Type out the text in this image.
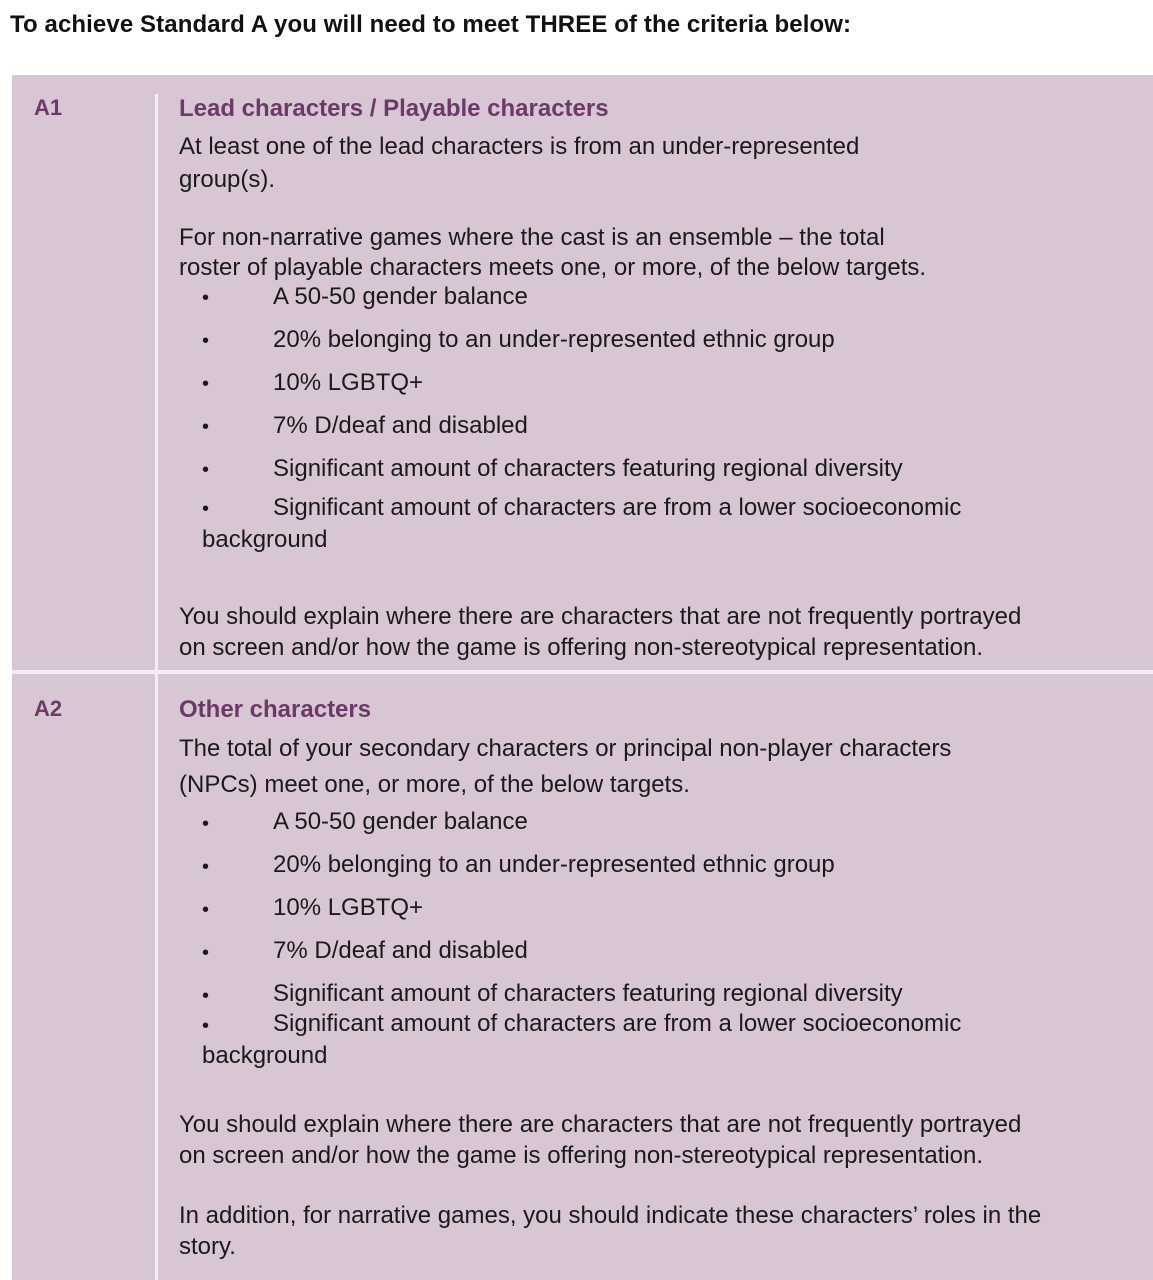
To achieve Standard A you will need to meet THREE of the criteria below:
A1	Lead characters / Playable characters
At least one of the lead characters is from an under-represented
group(s).
For non-narrative games where the cast is an ensemble – the total
roster of playable characters meets one, or more, of the below targets.
•	A 50-50 gender balance
•	20% belonging to an under-represented ethnic group
•	10% LGBTQ+
•	7% D/deaf and disabled
•	Significant amount of characters featuring regional diversity
•	Significant amount of characters are from a lower socioeconomic
background
You should explain where there are characters that are not frequently portrayed
on screen and/or how the game is offering non-stereotypical representation.
A2	Other characters
The total of your secondary characters or principal non-player characters
(NPCs) meet one, or more, of the below targets.
•	A 50-50 gender balance
•	20% belonging to an under-represented ethnic group
•	10% LGBTQ+
•	7% D/deaf and disabled
•	Significant amount of characters featuring regional diversity
•	Significant amount of characters are from a lower socioeconomic
background
You should explain where there are characters that are not frequently portrayed
on screen and/or how the game is offering non-stereotypical representation.
In addition, for narrative games, you should indicate these characters’ roles in the
story.
